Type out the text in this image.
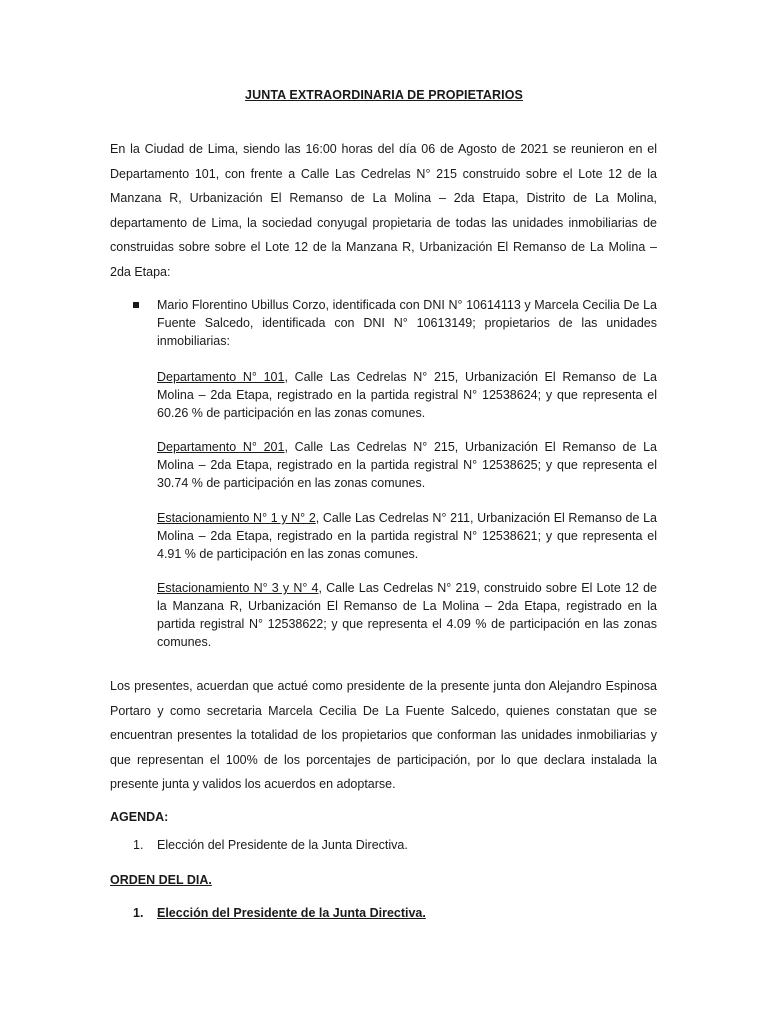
JUNTA EXTRAORDINARIA DE PROPIETARIOS

En la Ciudad de Lima, siendo las 16:00 horas del día 06 de Agosto de 2021 se reunieron en el Departamento 101, con frente a Calle Las Cedrelas N° 215 construido sobre el Lote 12 de la Manzana R, Urbanización El Remanso de La Molina – 2da Etapa, Distrito de La Molina, departamento de Lima, la sociedad conyugal propietaria de todas las unidades inmobiliarias de construidas sobre sobre el Lote 12 de la Manzana R, Urbanización El Remanso de La Molina – 2da Etapa:

Mario Florentino Ubillus Corzo, identificada con DNI N° 10614113 y Marcela Cecilia De La Fuente Salcedo, identificada con DNI N° 10613149; propietarios de las unidades inmobiliarias:

Departamento N° 101, Calle Las Cedrelas N° 215, Urbanización El Remanso de La Molina – 2da Etapa, registrado en la partida registral N° 12538624; y que representa el 60.26 % de participación en las zonas comunes.

Departamento N° 201, Calle Las Cedrelas N° 215, Urbanización El Remanso de La Molina – 2da Etapa, registrado en la partida registral N° 12538625; y que representa el 30.74 % de participación en las zonas comunes.

Estacionamiento N° 1 y N° 2, Calle Las Cedrelas N° 211, Urbanización El Remanso de La Molina – 2da Etapa, registrado en la partida registral N° 12538621; y que representa el 4.91 % de participación en las zonas comunes.

Estacionamiento N° 3 y N° 4, Calle Las Cedrelas N° 219, construido sobre El Lote 12 de la Manzana R, Urbanización El Remanso de La Molina – 2da Etapa, registrado en la partida registral N° 12538622; y que representa el 4.09 % de participación en las zonas comunes.

Los presentes, acuerdan que actué como presidente de la presente junta don Alejandro Espinosa Portaro y como secretaria Marcela Cecilia De La Fuente Salcedo, quienes constatan que se encuentran presentes la totalidad de los propietarios que conforman las unidades inmobiliarias y que representan el 100% de los porcentajes de participación, por lo que declara instalada la presente junta y validos los acuerdos en adoptarse.

AGENDA:

1. Elección del Presidente de la Junta Directiva.

ORDEN DEL DIA.

1. Elección del Presidente de la Junta Directiva.
